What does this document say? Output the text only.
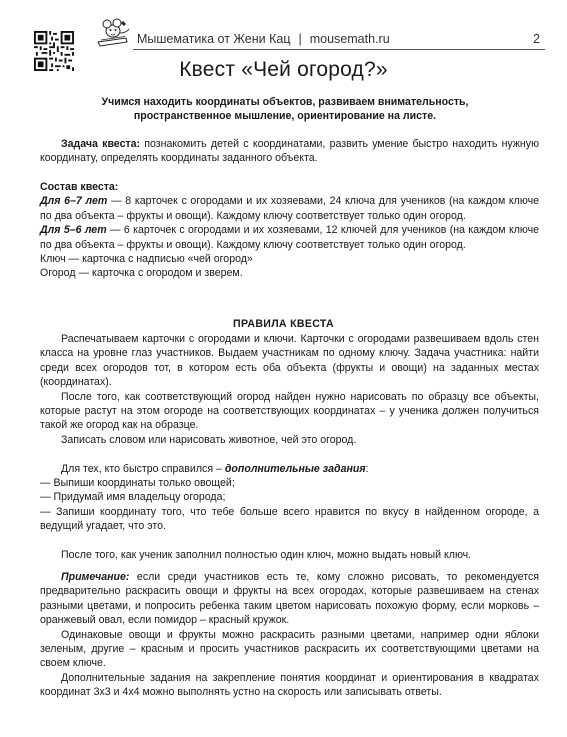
Мышематика от Жени Кац | mousemath.ru	2
Квест «Чей огород?»
Учимся находить координаты объектов, развиваем внимательность,
пространственное мышление, ориентирование на листе.

Задача квеста: познакомить детей с координатами, развить умение быстро находить нужную координату, определять координаты заданного объекта.

Состав квеста:

Для 6–7 лет — 8 карточек с огородами и их хозяевами, 24 ключа для учеников (на каждом ключе по два объекта – фрукты и овощи). Каждому ключу соответствует только один огород.

Для 5–6 лет — 6 карточек с огородами и их хозяевами, 12 ключей для учеников (на каждом ключе по два объекта – фрукты и овощи). Каждому ключу соответствует только один огород.

Ключ — карточка с надписью «чей огород»

Огород — карточка с огородом и зверем.

ПРАВИЛА КВЕСТА

Распечатываем карточки с огородами и ключи. Карточки с огородами развешиваем вдоль стен класса на уровне глаз участников. Выдаем участникам по одному ключу. Задача участника: найти среди всех огородов тот, в котором есть оба объекта (фрукты и овощи) на заданных местах (координатах).

После того, как соответствующий огород найден нужно нарисовать по образцу все объекты, которые растут на этом огороде на соответствующих координатах – у ученика должен получиться такой же огород как на образце.

Записать словом или нарисовать животное, чей это огород.

Для тех, кто быстро справился – дополнительные задания:

— Выпиши координаты только овощей;

— Придумай имя владельцу огорода;

— Запиши координату того, что тебе больше всего нравится по вкусу в найденном огороде, а ведущий угадает, что это.

После того, как ученик заполнил полностью один ключ, можно выдать новый ключ.

Примечание: если среди участников есть те, кому сложно рисовать, то рекомендуется предварительно раскрасить овощи и фрукты на всех огородах, которые развешиваем на стенах разными цветами, и попросить ребенка таким цветом нарисовать похожую форму, если морковь – оранжевый овал, если помидор – красный кружок.

Одинаковые овощи и фрукты можно раскрасить разными цветами, например одни яблоки зеленым, другие – красным и просить участников раскрасить их соответствующими цветами на своем ключе.

Дополнительные задания на закрепление понятия координат и ориентирования в квадратах координат 3х3 и 4х4 можно выполнять устно на скорость или записывать ответы.
